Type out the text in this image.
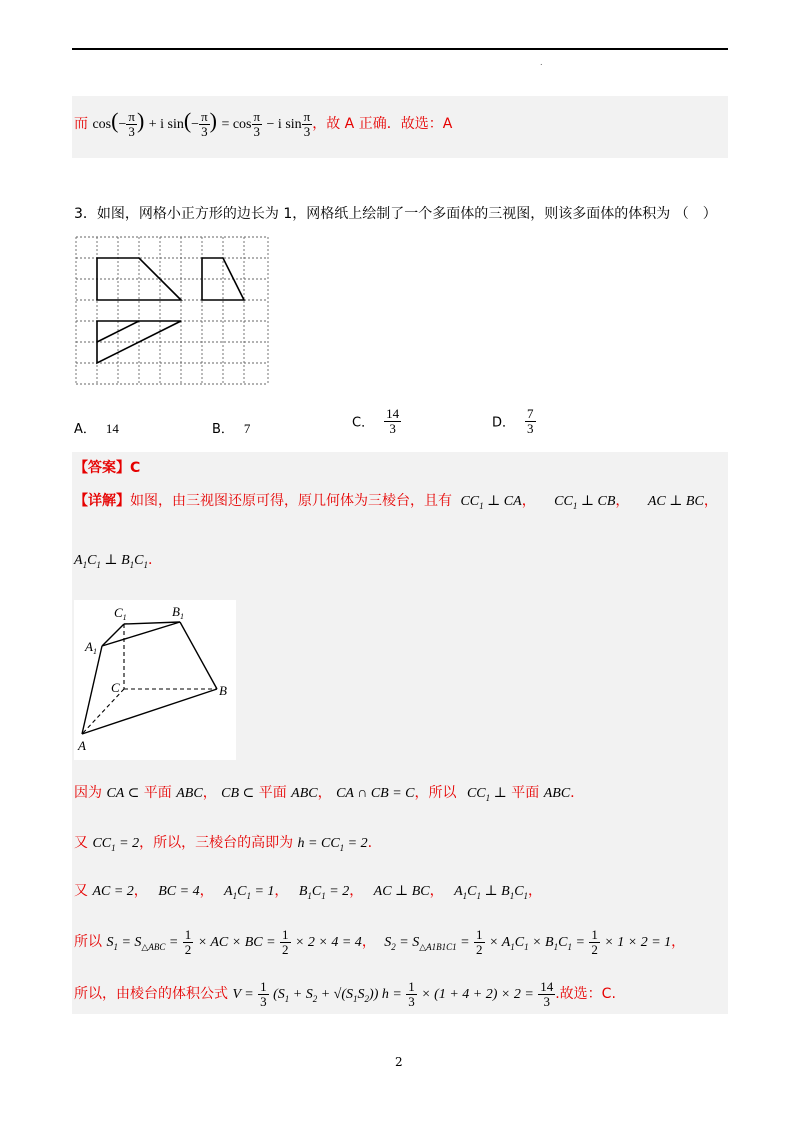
.
而 $\cos(- \frac{\pi}{3}$ ) + i $\sin(- \frac{\pi}{3}$ ) = $\cos \frac{\pi}{3} - i$ $\sin \frac{\pi}{3}$ ，故 A 正确．故选：A
3．如图，网格小正方形的边长为 1，网格纸上绘制了一个多面体的三视图，则该多面体的体积为 （　）
A． 14	B． 7	C． $\frac{14}{3}$	D． $\frac{7}{3}$
【答案】C
【详解】如图，由三视图还原可得，原几何体为三棱台，且有 $CC_1$ ⊥ CA， $CC_1$ ⊥ CB， AC ⊥ BC，
$A_1C_1$ ⊥ $B_1C_1$.
$C_1$	$B_1$
$A_1$
C	B
A
因为 CA ⊂ 平面 ABC， CB ⊂ 平面 ABC， CA ∩ CB = C，所以 $CC_1$ ⊥ 平面 ABC.
又 $CC_1 = 2$，所以，三棱台的高即为 $h = CC_1 = 2$.
又 AC = 2， BC = 4， $A_1C_1 = 1$， $B_1C_1 = 2$， AC ⊥ BC， $A_1C_1$ ⊥ $B_1C_1$，
所以 $S_1 = S_{\triangle ABC} = \frac{1}{2}$ × AC × BC = $\frac{1}{2} \times 2 \times 4 = 4$， $S_2 = S_{\triangle A1B1C1} = \frac{1}{2} \times A_1C_1 \times B_1C_1 = \frac{1}{2} \times 1 \times 2 = 1$，
所以，由棱台的体积公式 $V = \frac{1}{3} (S_1 + S_2 + √(S_1S_2)) h = \frac{1}{3} \times (1 + 4 + 2) \times 2 = \frac{14}{3}$ .故选：C.
2
